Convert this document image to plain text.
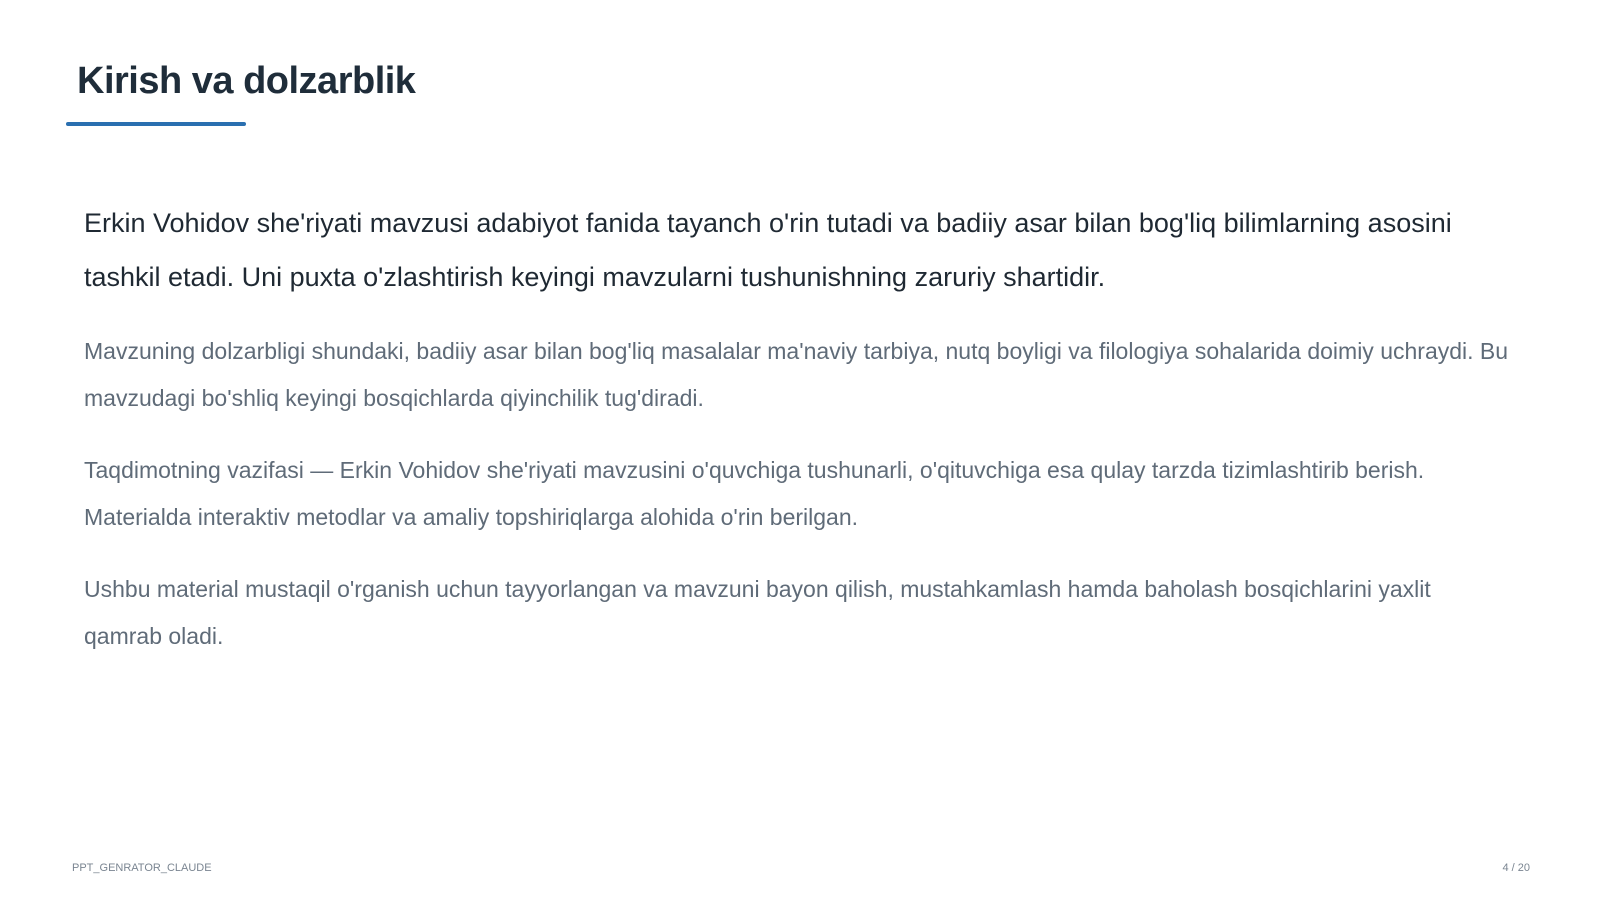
Kirish va dolzarblik

Erkin Vohidov she'riyati mavzusi adabiyot fanida tayanch o'rin tutadi va badiiy asar bilan bog'liq bilimlarning asosini tashkil etadi. Uni puxta o'zlashtirish keyingi mavzularni tushunishning zaruriy shartidir.

Mavzuning dolzarbligi shundaki, badiiy asar bilan bog'liq masalalar ma'naviy tarbiya, nutq boyligi va filologiya sohalarida doimiy uchraydi. Bu mavzudagi bo'shliq keyingi bosqichlarda qiyinchilik tug'diradi.

Taqdimotning vazifasi — Erkin Vohidov she'riyati mavzusini o'quvchiga tushunarli, o'qituvchiga esa qulay tarzda tizimlashtirib berish. Materialda interaktiv metodlar va amaliy topshiriqlarga alohida o'rin berilgan.

Ushbu material mustaqil o'rganish uchun tayyorlangan va mavzuni bayon qilish, mustahkamlash hamda baholash bosqichlarini yaxlit qamrab oladi.

PPT_GENRATOR_CLAUDE	4 / 20
